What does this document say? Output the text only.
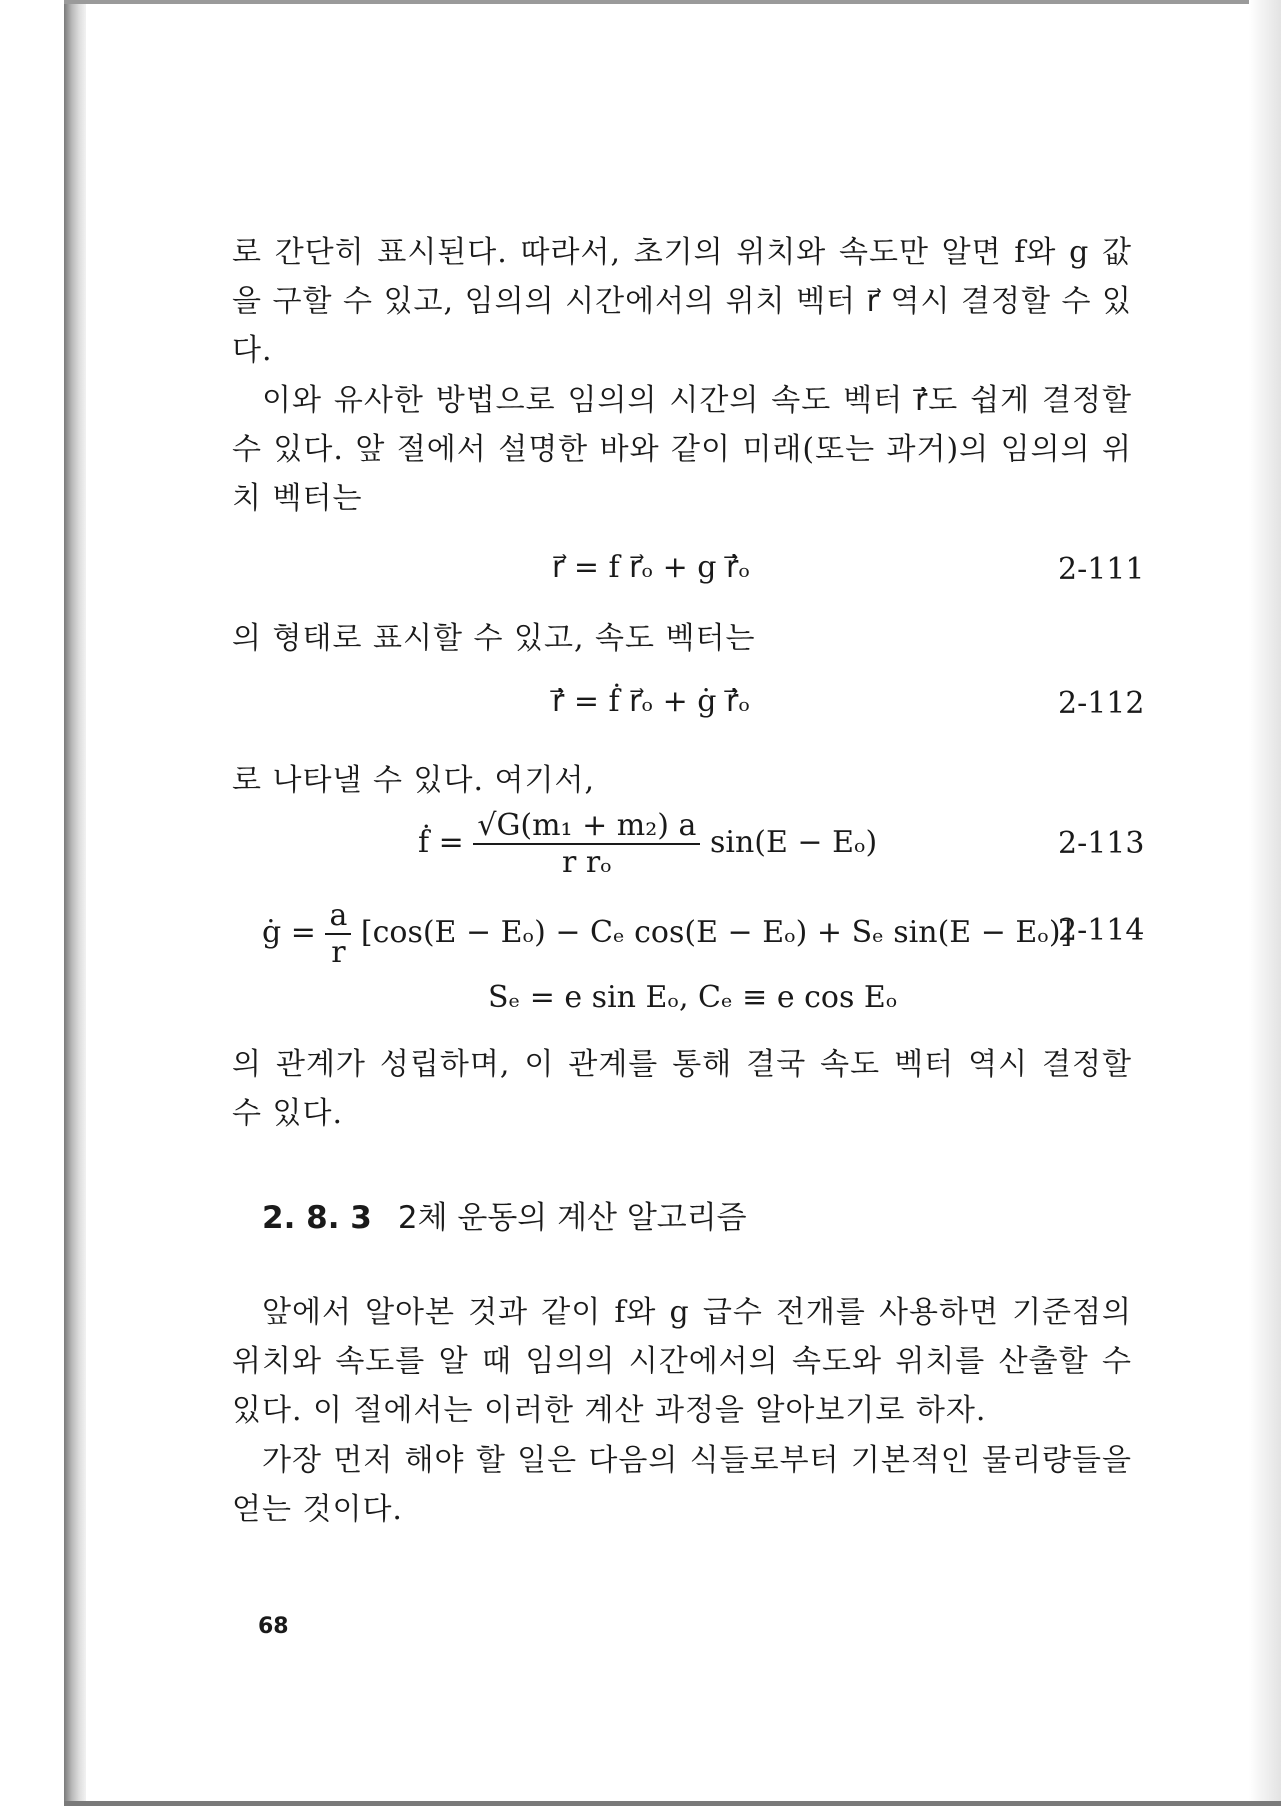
로 간단히 표시된다. 따라서, 초기의 위치와 속도만 알면 f와 g 값을 구할 수 있고, 임의의 시간에서의 위치 벡터 r⃗ 역시 결정할 수 있다.

이와 유사한 방법으로 임의의 시간의 속도 벡터 ṙ⃗도 쉽게 결정할 수 있다. 앞 절에서 설명한 바와 같이 미래(또는 과거)의 임의의 위치 벡터는

r⃗ = f r⃗ₒ + g ṙ⃗ₒ	2-111

의 형태로 표시할 수 있고, 속도 벡터는

ṙ⃗ = ḟ r⃗ₒ + ġ ṙ⃗ₒ	2-112

로 나타낼 수 있다. 여기서,

ḟ = $\frac{\text{√G(m₁ + m₂) a}}{\text{r rₒ}} \sin(E - E_o)$	2-113
ġ = $\frac{a}{r} [\cos(E - E_o) - C_e$ cos(E − Eₒ) + Sₑ sin(E − Eₒ)]
2-114
Sₑ = e sin Eₒ, Cₑ ≡ e cos Eₒ

의 관계가 성립하며, 이 관계를 통해 결국 속도 벡터 역시 결정할 수 있다.

2. 8. 3 2체 운동의 계산 알고리즘

앞에서 알아본 것과 같이 f와 g 급수 전개를 사용하면 기준점의 위치와 속도를 알 때 임의의 시간에서의 속도와 위치를 산출할 수 있다. 이 절에서는 이러한 계산 과정을 알아보기로 하자.

가장 먼저 해야 할 일은 다음의 식들로부터 기본적인 물리량들을 얻는 것이다.

68
